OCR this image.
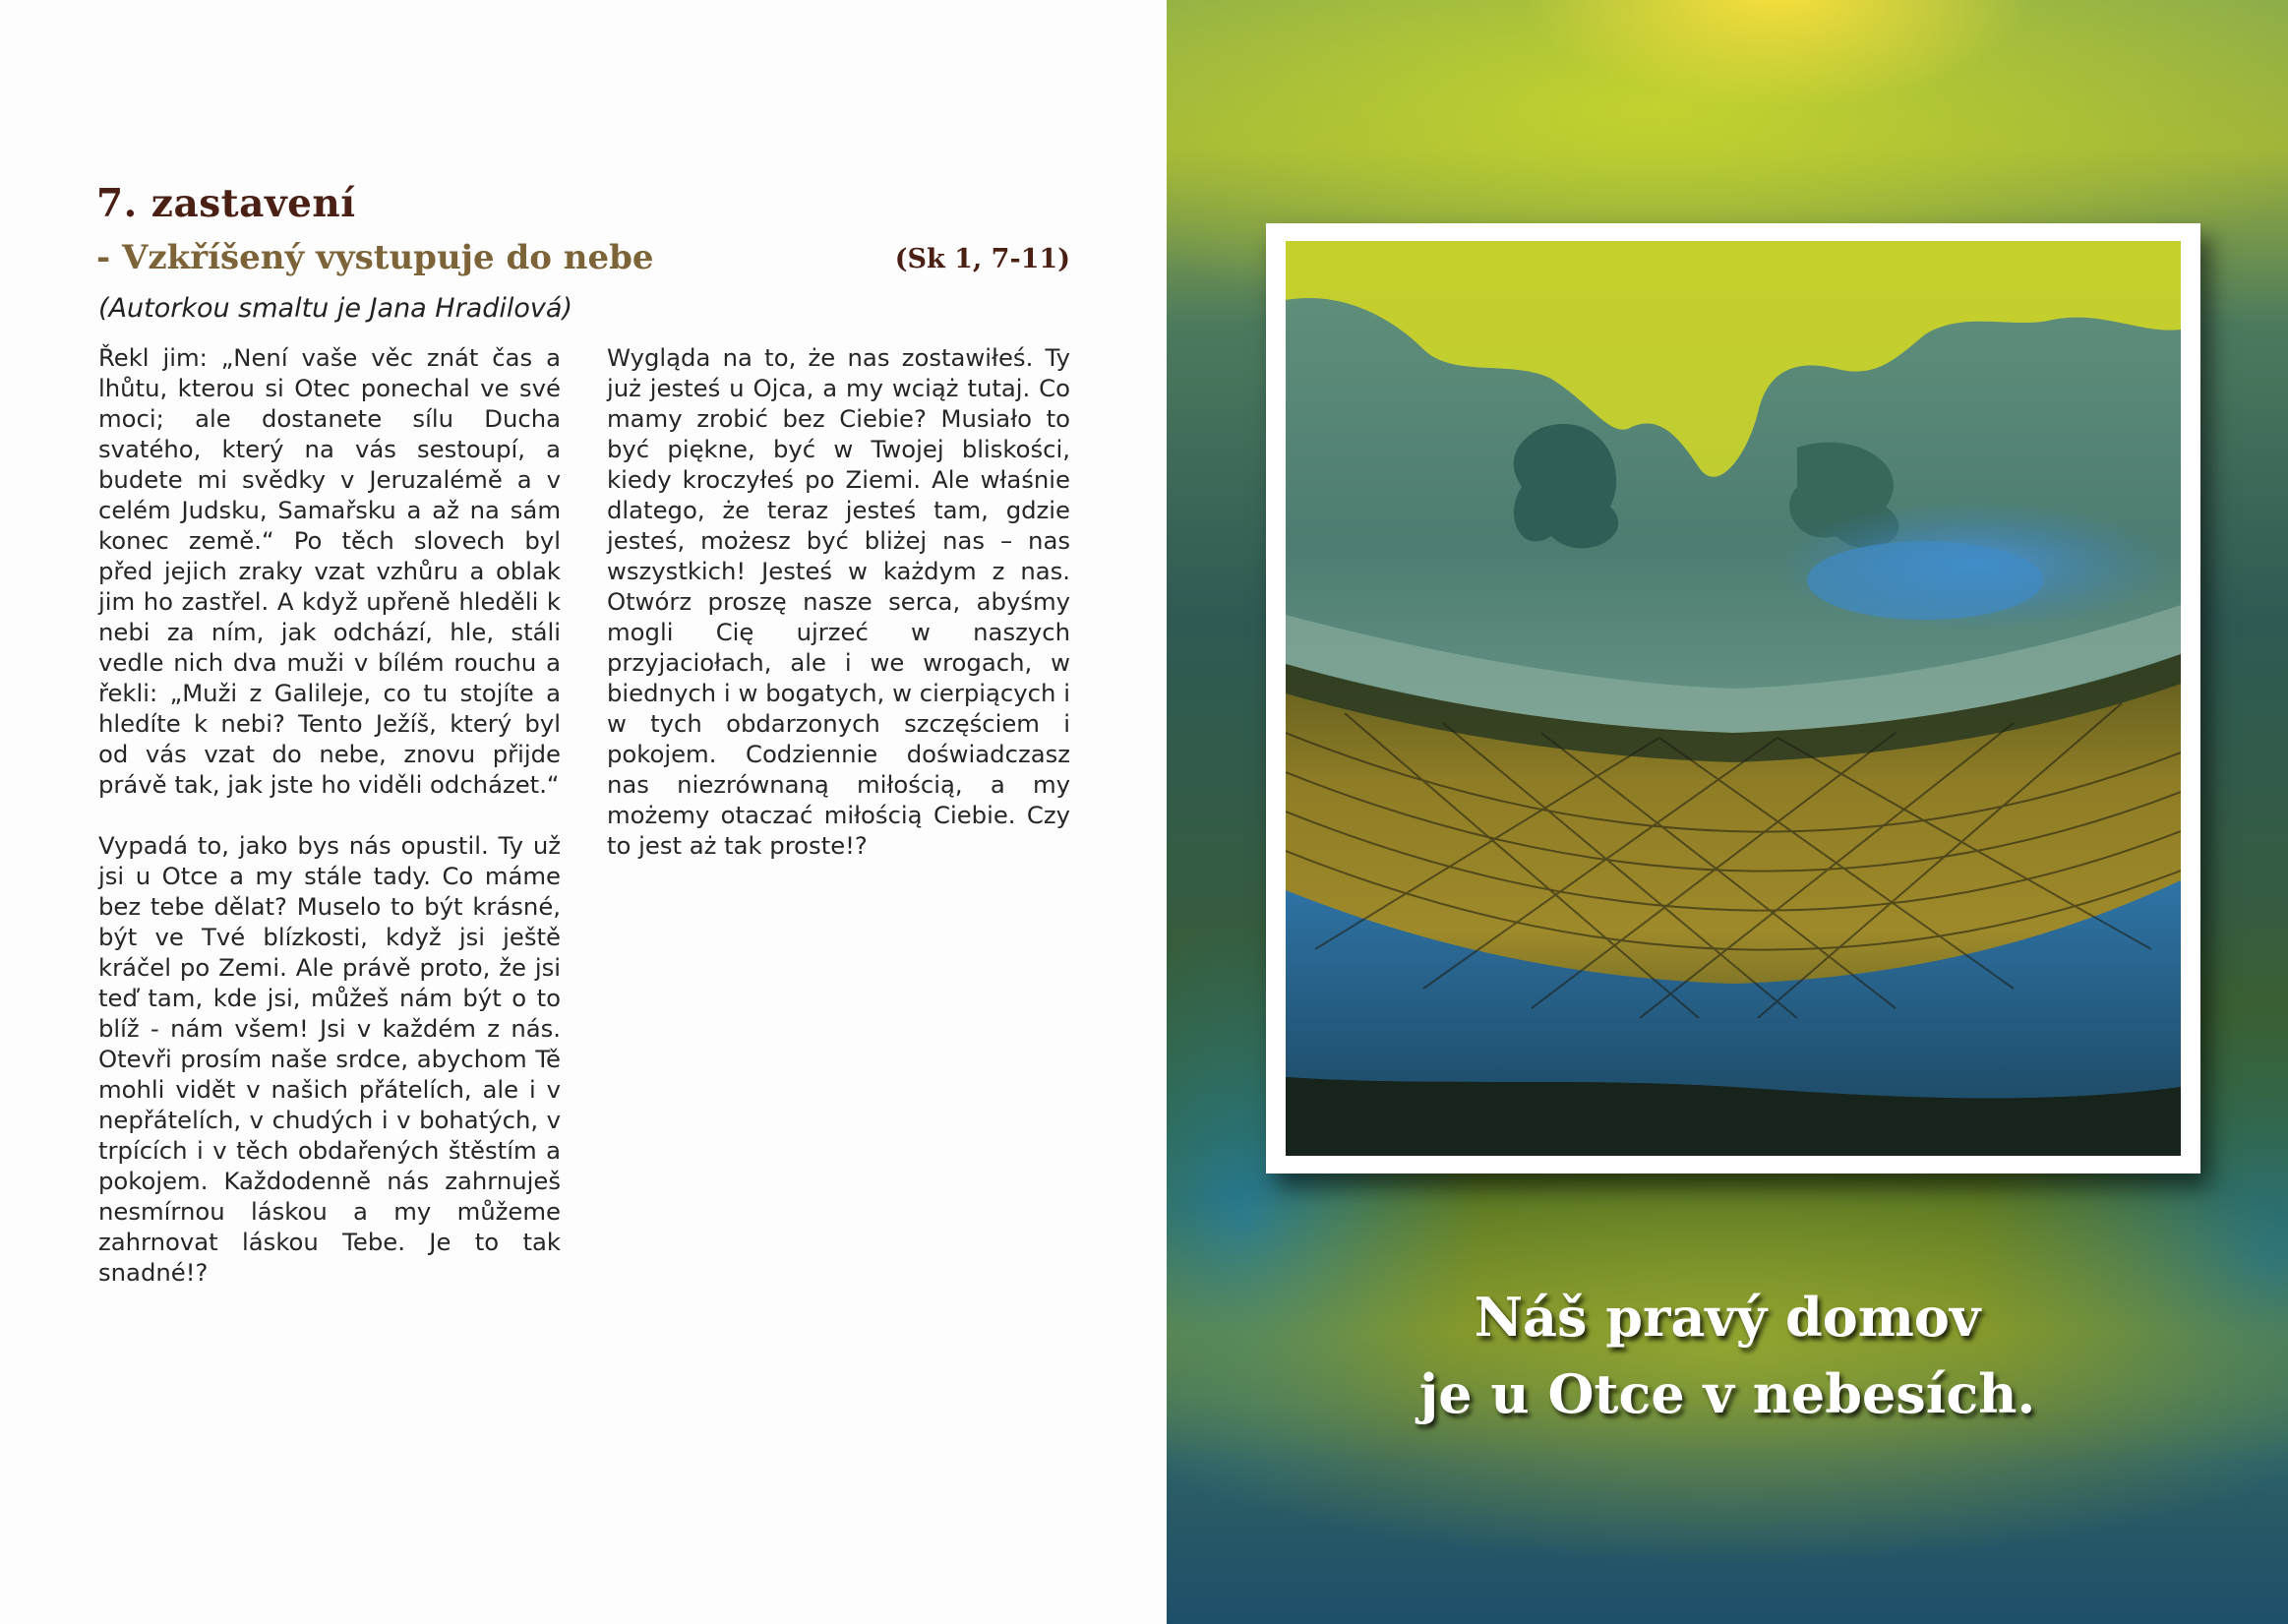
7. zastavení
- Vzkříšený vystupuje do nebe	(Sk 1, 7-11)
(Autorkou smaltu je Jana Hradilová)

Řekl jim: „Není vaše věc znát čas a lhůtu, kterou si Otec ponechal ve své moci; ale dostanete sílu Ducha svatého, který na vás sestoupí, a budete mi svědky v Jeruzalémě a v celém Judsku, Samařsku a až na sám konec země.“ Po těch slovech byl před jejich zraky vzat vzhůru a oblak jim ho zastřel. A když upřeně hleděli k nebi za ním, jak odchází, hle, stáli vedle nich dva muži v bílém rouchu a řekli: „Muži z Galileje, co tu stojíte a hledíte k nebi? Tento Ježíš, který byl od vás vzat do nebe, znovu přijde právě tak, jak jste ho viděli odcházet.“

Vypadá to, jako bys nás opustil. Ty už jsi u Otce a my stále tady. Co máme bez tebe dělat? Muselo to být krásné, být ve Tvé blízkosti, když jsi ještě kráčel po Zemi. Ale právě proto, že jsi teď tam, kde jsi, můžeš nám být o to blíž - nám všem! Jsi v každém z nás. Otevři prosím naše srdce, abychom Tě mohli vidět v našich přátelích, ale i v nepřátelích, v chudých i v bohatých, v trpících i v těch obdařených štěstím a pokojem. Každodenně nás zahrnuješ nesmírnou láskou a my můžeme zahrnovat láskou Tebe. Je to tak snadné!?

Wygląda na to, że nas zostawiłeś. Ty już jesteś u Ojca, a my wciąż tutaj. Co mamy zrobić bez Ciebie? Musiało to być piękne, być w Twojej bliskości, kiedy kroczyłeś po Ziemi. Ale właśnie dlatego, że teraz jesteś tam, gdzie jesteś, możesz być bliżej nas – nas wszystkich! Jesteś w każdym z nas. Otwórz proszę nasze serca, abyśmy mogli Cię ujrzeć w naszych przyjaciołach, ale i we wrogach, w biednych i w bogatych, w cierpiących i w tych obdarzonych szczęściem i pokojem. Codziennie doświadczasz nas niezrównaną miłością, a my możemy otaczać miłością Ciebie. Czy to jest aż tak proste!?

Náš pravý domov
je u Otce v nebesích.
